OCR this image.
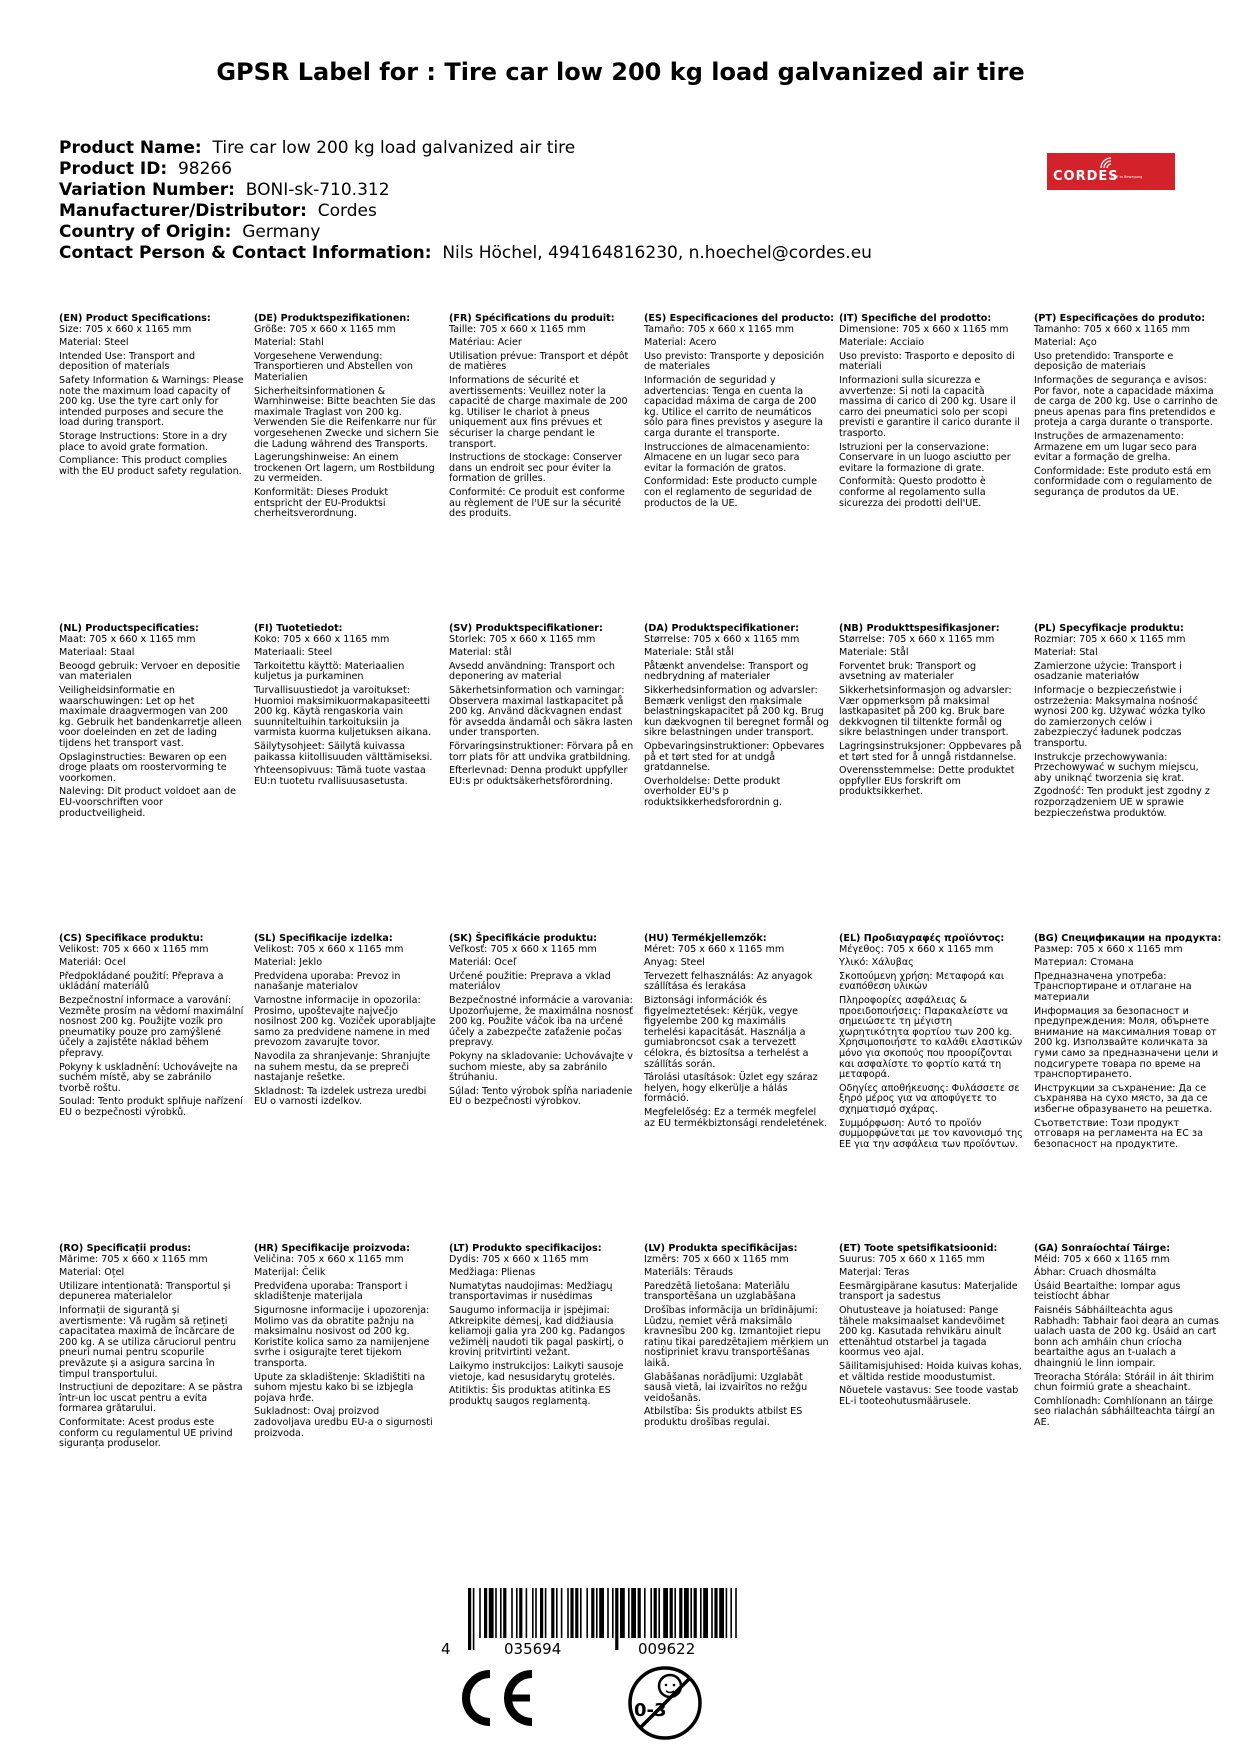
GPSR Label for : Tire car low 200 kg load galvanized air tire
Product Name: Tire car low 200 kg load galvanized air tire
Product ID: 98266
Variation Number: BONI-sk-710.312
Manufacturer/Distributor: Cordes
Country of Origin: Germany
Contact Person & Contact Information: Nils Höchel, 494164816230, n.hoechel@cordes.eu
CORDES
Griff in Bewegung
(EN) Product Specifications:
Size: 705 x 660 x 1165 mm
Material: Steel
Intended Use: Transport and deposition of materials
Safety Information & Warnings: Please note the maximum load capacity of 200 kg. Use the tyre cart only for intended purposes and secure the load during transport.
Storage Instructions: Store in a dry place to avoid grate formation.
Compliance: This product complies with the EU product safety regulation.
(DE) Produktspezifikationen:
Größe: 705 x 660 x 1165 mm
Material: Stahl
Vorgesehene Verwendung: Transportieren und Abstellen von Materialien
Sicherheitsinformationen & Warnhinweise: Bitte beachten Sie das maximale Traglast von 200 kg. Verwenden Sie die Reifenkarre nur für vorgesehenen Zwecke und sichern Sie die Ladung während des Transports.
Lagerungshinweise: An einem trockenen Ort lagern, um Rostbildung zu vermeiden.
Konformität: Dieses Produkt entspricht der EU-Produktsi cherheitsverordnung.
(FR) Spécifications du produit:
Taille: 705 x 660 x 1165 mm
Matériau: Acier
Utilisation prévue: Transport et dépôt de matières
Informations de sécurité et avertissements: Veuillez noter la capacité de charge maximale de 200 kg. Utiliser le chariot à pneus uniquement aux fins prévues et sécuriser la charge pendant le transport.
Instructions de stockage: Conserver dans un endroit sec pour éviter la formation de grilles.
Conformité: Ce produit est conforme au règlement de l'UE sur la sécurité des produits.
(ES) Especificaciones del producto:
Tamaño: 705 x 660 x 1165 mm
Material: Acero
Uso previsto: Transporte y deposición de materiales
Información de seguridad y advertencias: Tenga en cuenta la capacidad máxima de carga de 200 kg. Utilice el carrito de neumáticos sólo para fines previstos y asegure la carga durante el transporte.
Instrucciones de almacenamiento: Almacene en un lugar seco para evitar la formación de gratos.
Conformidad: Este producto cumple con el reglamento de seguridad de productos de la UE.
(IT) Specifiche del prodotto:
Dimensione: 705 x 660 x 1165 mm
Materiale: Acciaio
Uso previsto: Trasporto e deposito di materiali
Informazioni sulla sicurezza e avvertenze: Si noti la capacità massima di carico di 200 kg. Usare il carro dei pneumatici solo per scopi previsti e garantire il carico durante il trasporto.
Istruzioni per la conservazione: Conservare in un luogo asciutto per evitare la formazione di grate.
Conformità: Questo prodotto è conforme al regolamento sulla sicurezza dei prodotti dell'UE.
(PT) Especificações do produto:
Tamanho: 705 x 660 x 1165 mm
Material: Aço
Uso pretendido: Transporte e deposição de materiais
Informações de segurança e avisos: Por favor, note a capacidade máxima de carga de 200 kg. Use o carrinho de pneus apenas para fins pretendidos e proteja a carga durante o transporte.
Instruções de armazenamento: Armazene em um lugar seco para evitar a formação de grelha.
Conformidade: Este produto está em conformidade com o regulamento de segurança de produtos da UE.
(NL) Productspecificaties:
Maat: 705 x 660 x 1165 mm
Materiaal: Staal
Beoogd gebruik: Vervoer en depositie van materialen
Veiligheidsinformatie en waarschuwingen: Let op het maximale draagvermogen van 200 kg. Gebruik het bandenkarretje alleen voor doeleinden en zet de lading tijdens het transport vast.
Opslaginstructies: Bewaren op een droge plaats om roostervorming te voorkomen.
Naleving: Dit product voldoet aan de EU-voorschriften voor productveiligheid.
(FI) Tuotetiedot:
Koko: 705 x 660 x 1165 mm
Materiaali: Steel
Tarkoitettu käyttö: Materiaalien kuljetus ja purkaminen
Turvallisuustiedot ja varoitukset: Huomioi maksimikuormakapasiteetti 200 kg. Käytä rengaskoria vain suunniteltuihin tarkoituksiin ja varmista kuorma kuljetuksen aikana.
Säilytysohjeet: Säilytä kuivassa paikassa kiitollisuuden välttämiseksi.
Yhteensopivuus: Tämä tuote vastaa EU:n tuotetu rvallisuusasetusta.
(SV) Produktspecifikationer:
Storlek: 705 x 660 x 1165 mm
Material: stål
Avsedd användning: Transport och deponering av material
Säkerhetsinformation och varningar: Observera maximal lastkapacitet på 200 kg. Använd däckvagnen endast för avsedda ändamål och säkra lasten under transporten.
Förvaringsinstruktioner: Förvara på en torr plats för att undvika gratbildning.
Efterlevnad: Denna produkt uppfyller EU:s pr oduktsäkerhetsförordning.
(DA) Produktspecifikationer:
Størrelse: 705 x 660 x 1165 mm
Materiale: Stål stål
Påtænkt anvendelse: Transport og nedbrydning af materialer
Sikkerhedsinformation og advarsler: Bemærk venligst den maksimale belastningskapacitet på 200 kg. Brug kun dækvognen til beregnet formål og sikre belastningen under transport.
Opbevaringsinstruktioner: Opbevares på et tørt sted for at undgå gratdannelse.
Overholdelse: Dette produkt overholder EU's p roduktsikkerhedsforordnin g.
(NB) Produkttspesifikasjoner:
Størrelse: 705 x 660 x 1165 mm
Materiale: Stål
Forventet bruk: Transport og avsetning av materialer
Sikkerhetsinformasjon og advarsler: Vær oppmerksom på maksimal lastkapasitet på 200 kg. Bruk bare dekkvognen til tiltenkte formål og sikre belastningen under transport.
Lagringsinstruksjoner: Oppbevares på et tørt sted for å unngå ristdannelse.
Overensstemmelse: Dette produktet oppfyller EUs forskrift om produktsikkerhet.
(PL) Specyfikacje produktu:
Rozmiar: 705 x 660 x 1165 mm
Materiał: Stal
Zamierzone użycie: Transport i osadzanie materiałów
Informacje o bezpieczeństwie i ostrzeżenia: Maksymalna nośność wynosi 200 kg. Używać wózka tylko do zamierzonych celów i zabezpieczyć ładunek podczas transportu.
Instrukcje przechowywania: Przechowywać w suchym miejscu, aby uniknąć tworzenia się krat.
Zgodność: Ten produkt jest zgodny z rozporządzeniem UE w sprawie bezpieczeństwa produktów.
(CS) Specifikace produktu:
Velikost: 705 x 660 x 1165 mm
Materiál: Ocel
Předpokládané použití: Přeprava a ukládání materiálů
Bezpečnostní informace a varování: Vezměte prosím na vědomí maximální nosnost 200 kg. Použijte vozík pro pneumatiky pouze pro zamýšlené účely a zajistěte náklad během přepravy.
Pokyny k uskladnění: Uchovávejte na suchém místě, aby se zabránilo tvorbě roštu.
Soulad: Tento produkt splňuje nařízení EU o bezpečnosti výrobků.
(SL) Specifikacije izdelka:
Velikost: 705 x 660 x 1165 mm
Material: Jeklo
Predvidena uporaba: Prevoz in nanašanje materialov
Varnostne informacije in opozorila: Prosimo, upoštevajte največjo nosilnost 200 kg. Voziček uporabljajte samo za predvidene namene in med prevozom zavarujte tovor.
Navodila za shranjevanje: Shranjujte na suhem mestu, da se prepreči nastajanje rešetke.
Skladnost: Ta izdelek ustreza uredbi EU o varnosti izdelkov.
(SK) Špecifikácie produktu:
Veľkosť: 705 x 660 x 1165 mm
Materiál: Oceľ
Určené použitie: Preprava a vklad materiálov
Bezpečnostné informácie a varovania: Upozorňujeme, že maximálna nosnosť 200 kg. Použite váčok iba na určené účely a zabezpečte zaťaženie počas prepravy.
Pokyny na skladovanie: Uchovávajte v suchom mieste, aby sa zabránilo štrúhaniu.
Súlad: Tento výrobok spĺňa nariadenie EÚ o bezpečnosti výrobkov.
(HU) Termékjellemzők:
Méret: 705 x 660 x 1165 mm
Anyag: Steel
Tervezett felhasználás: Az anyagok szállítása és lerakása
Biztonsági információk és figyelmeztetések: Kérjük, vegye figyelembe 200 kg maximális terhelési kapacitását. Használja a gumiabroncsot csak a tervezett célokra, és biztosítsa a terhelést a szállítás során.
Tárolási utasítások: Üzlet egy száraz helyen, hogy elkerülje a hálás formáció.
Megfelelőség: Ez a termék megfelel az EU termékbiztonsági rendeletének.
(EL) Προδιαγραφές προϊόντος:
Μέγεθος: 705 x 660 x 1165 mm
Υλικό: Χάλυβας
Σκοπούμενη χρήση: Μεταφορά και εναπόθεση υλικών
Πληροφορίες ασφάλειας & προειδοποιήσεις: Παρακαλείστε να σημειώσετε τη μέγιστη χωρητικότητα φορτίου των 200 kg. Χρησιμοποιήστε το καλάθι ελαστικών μόνο για σκοπούς που προορίζονται και ασφαλίστε το φορτίο κατά τη μεταφορά.
Οδηγίες αποθήκευσης: Φυλάσσετε σε ξηρό μέρος για να αποφύγετε το σχηματισμό σχάρας.
Συμμόρφωση: Αυτό το προϊόν συμμορφώνεται με τον κανονισμό της ΕΕ για την ασφάλεια των προϊόντων.
(BG) Спецификации на продукта:
Размер: 705 x 660 x 1165 mm
Материал: Стомана
Предназначена употреба: Транспортиране и отлагане на материали
Информация за безопасност и предупреждения: Моля, обърнете внимание на максималния товар от 200 kg. Използвайте количката за гуми само за предназначени цели и подсигурете товара по време на транспортирането.
Инструкции за съхранение: Да се съхранява на сухо място, за да се избегне образуването на решетка.
Съответствие: Този продукт отговаря на регламента на ЕС за безопасност на продуктите.
(RO) Specificații produs:
Mărime: 705 x 660 x 1165 mm
Material: Oțel
Utilizare intenționată: Transportul și depunerea materialelor
Informații de siguranță și avertismente: Vă rugăm să rețineți capacitatea maximă de încărcare de 200 kg. A se utiliza căruciorul pentru pneuri numai pentru scopurile prevăzute și a asigura sarcina în timpul transportului.
Instrucțiuni de depozitare: A se păstra într-un loc uscat pentru a evita formarea grătarului.
Conformitate: Acest produs este conform cu regulamentul UE privind siguranța produselor.
(HR) Specifikacije proizvoda:
Veličina: 705 x 660 x 1165 mm
Materijal: Čelik
Predviđena uporaba: Transport i skladištenje materijala
Sigurnosne informacije i upozorenja: Molimo vas da obratite pažnju na maksimalnu nosivost od 200 kg. Koristite kolica samo za namijenjene svrhe i osigurajte teret tijekom transporta.
Upute za skladištenje: Skladištiti na suhom mjestu kako bi se izbjegla pojava hrđe.
Sukladnost: Ovaj proizvod zadovoljava uredbu EU-a o sigurnosti proizvoda.
(LT) Produkto specifikacijos:
Dydis: 705 x 660 x 1165 mm
Medžiaga: Plienas
Numatytas naudojimas: Medžiagų transportavimas ir nusėdimas
Saugumo informacija ir įspėjimai: Atkreipkite dėmesį, kad didžiausia keliamoji galia yra 200 kg. Padangos vežimėlį naudoti tik pagal paskirtį, o krovinį pritvirtinti vežant.
Laikymo instrukcijos: Laikyti sausoje vietoje, kad nesusidarytų grotelės.
Atitiktis: Šis produktas atitinka ES produktų saugos reglamentą.
(LV) Produkta specifikācijas:
Izmērs: 705 x 660 x 1165 mm
Materiāls: Tērauds
Paredzētā lietošana: Materiālu transportēšana un uzglabāšana
Drošības informācija un brīdinājumi: Lūdzu, ņemiet vērā maksimālo kravnesību 200 kg. Izmantojiet riepu ratiņu tikai paredzētajiem mērķiem un nostipriniet kravu transportēšanas laikā.
Glabāšanas norādījumi: Uzglabāt sausā vietā, lai izvairītos no režģu veidošanās.
Atbilstība: Šis produkts atbilst ES produktu drošības regulai.
(ET) Toote spetsifikatsioonid:
Suurus: 705 x 660 x 1165 mm
Materjal: Teras
Eesmärgipärane kasutus: Materjalide transport ja sadestus
Ohutusteave ja hoiatused: Pange tähele maksimaalset kandevõimet 200 kg. Kasutada rehvikäru ainult ettenähtud otstarbel ja tagada koormus veo ajal.
Säilitamisjuhised: Hoida kuivas kohas, et vältida restide moodustumist.
Nõuetele vastavus: See toode vastab EL-i tooteohutusmäärusele.
(GA) Sonraíochtaí Táirge:
Méid: 705 x 660 x 1165 mm
Ábhar: Cruach dhosmálta
Úsáid Beartaithe: Iompar agus teistíocht ábhar
Faisnéis Sábháilteachta agus Rabhadh: Tabhair faoi deara an cumas ualach uasta de 200 kg. Úsáid an cart bonn ach amháin chun críocha beartaithe agus an t-ualach a dhaingniú le linn iompair.
Treoracha Stórála: Stóráil in áit thirim chun foirmiú grate a sheachaint.
Comhlíonadh: Comhlíonann an táirge seo rialachán sábháilteachta táirgí an AE.
4	035694	009622
0-3
